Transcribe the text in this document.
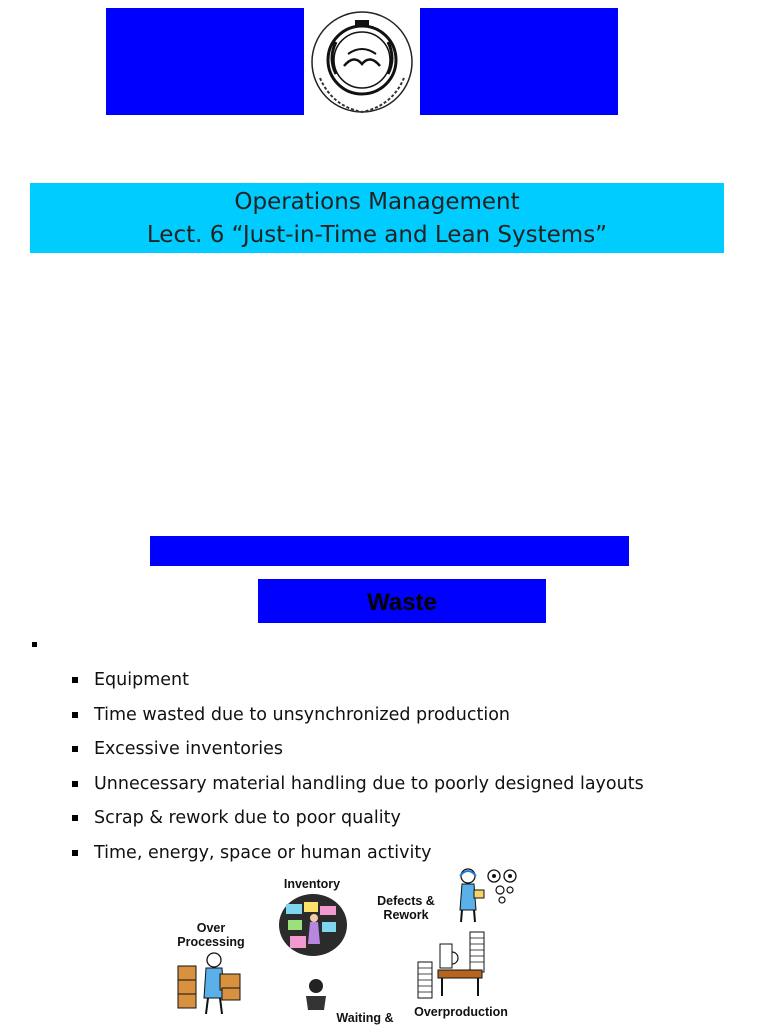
Operations Management
Lect. 6 “Just-in-Time and Lean Systems”
Waste
Equipment
Time wasted due to unsynchronized production
Excessive inventories
Unnecessary material handling due to poorly designed layouts
Scrap & rework due to poor quality
Time, energy, space or human activity
Inventory
Defects &
Rework
Over
Processing
Waiting &	Overproduction
